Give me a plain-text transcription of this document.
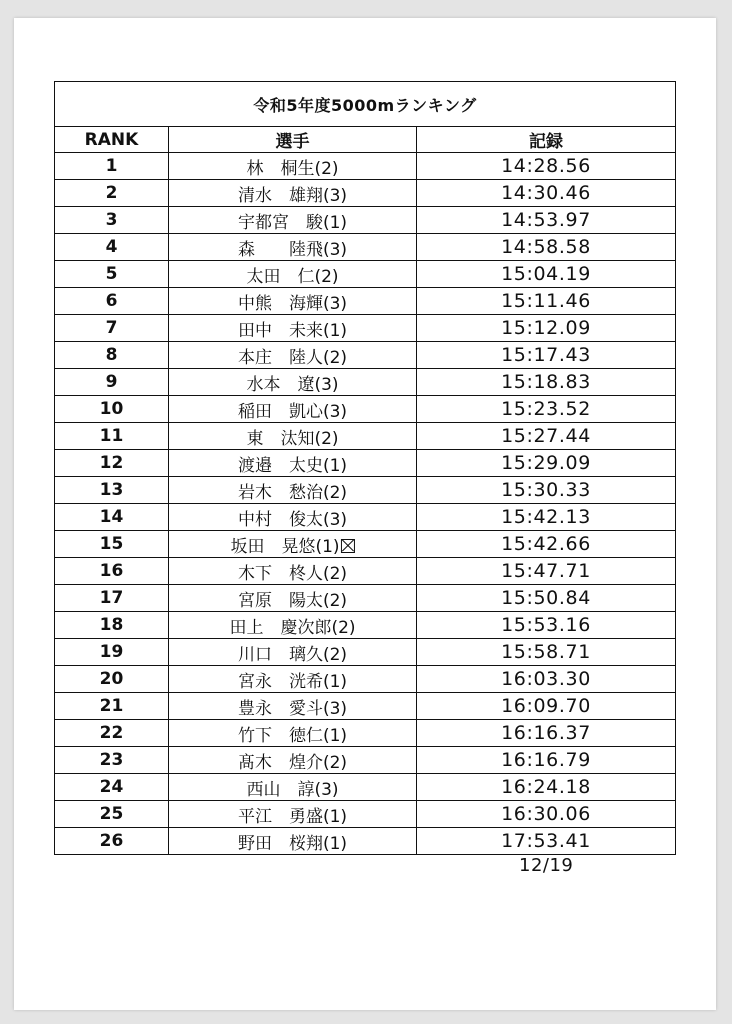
令和5年度5000mランキング		
RANK	選手	記録
1	林　桐生(2)	14:28.56
2	清水　雄翔(3)	14:30.46
3	宇都宮　駿(1)	14:53.97
4	森　　陸飛(3)	14:58.58
5	太田　仁(2)	15:04.19
6	中熊　海輝(3)	15:11.46
7	田中　未来(1)	15:12.09
8	本庄　陸人(2)	15:17.43
9	水本　遼(3)	15:18.83
10	稲田　凱心(3)	15:23.52
11	東　汰知(2)	15:27.44
12	渡邉　太史(1)	15:29.09
13	岩木　愁治(2)	15:30.33
14	中村　俊太(3)	15:42.13
15	坂田　晃悠(1)	15:42.66
16	木下　柊人(2)	15:47.71
17	宮原　陽太(2)	15:50.84
18	田上　慶次郎(2)	15:53.16
19	川口　璃久(2)	15:58.71
20	宮永　洸希(1)	16:03.30
21	豊永　愛斗(3)	16:09.70
22	竹下　徳仁(1)	16:16.37
23	髙木　煌介(2)	16:16.79
24	西山　諄(3)	16:24.18
25	平江　勇盛(1)	16:30.06
26	野田　桜翔(1)	17:53.41
12/19
